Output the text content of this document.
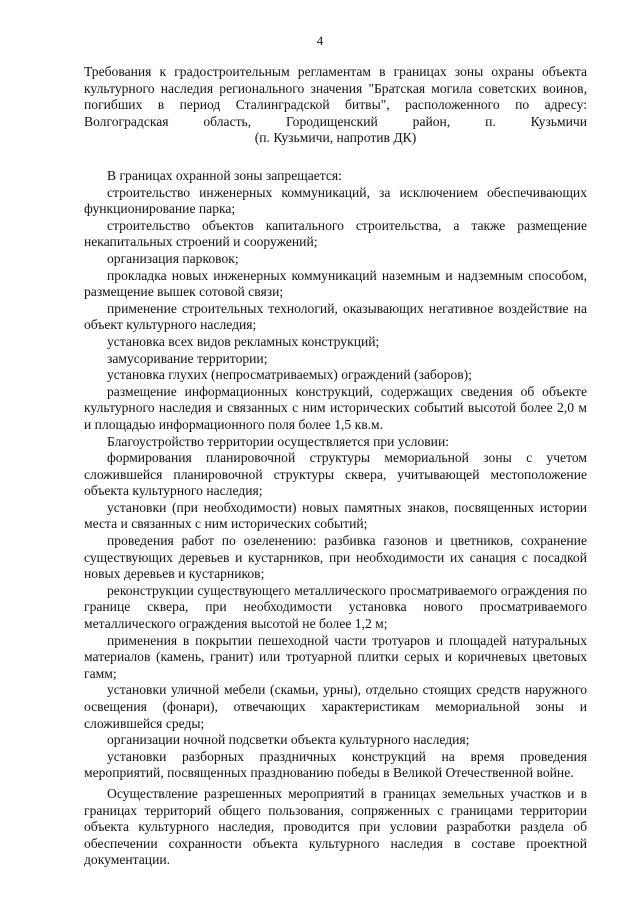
4
Требования к градостроительным регламентам в границах зоны охраны объекта
культурного наследия регионального значения "Братская могила советских воинов,
погибших в период Сталинградской битвы", расположенного по адресу:
Волгоградская область, Городищенский район, п. Кузьмичи
(п. Кузьмичи, напротив ДК)

В границах охранной зоны запрещается:

строительство инженерных коммуникаций, за исключением обеспечивающих функционирование парка;

строительство объектов капитального строительства, а также размещение некапитальных строений и сооружений;

организация парковок;

прокладка новых инженерных коммуникаций наземным и надземным способом, размещение вышек сотовой связи;

применение строительных технологий, оказывающих негативное воздействие на объект культурного наследия;

установка всех видов рекламных конструкций;

замусоривание территории;

установка глухих (непросматриваемых) ограждений (заборов);

размещение информационных конструкций, содержащих сведения об объекте культурного наследия и связанных с ним исторических событий высотой более 2,0 м и площадью информационного поля более 1,5 кв.м.

Благоустройство территории осуществляется при условии:

формирования планировочной структуры мемориальной зоны с учетом сложившейся планировочной структуры сквера, учитывающей местоположение объекта культурного наследия;

установки (при необходимости) новых памятных знаков, посвященных истории места и связанных с ним исторических событий;

проведения работ по озеленению: разбивка газонов и цветников, сохранение существующих деревьев и кустарников, при необходимости их санация с посадкой новых деревьев и кустарников;

реконструкции существующего металлического просматриваемого ограждения по границе сквера, при необходимости установка нового просматриваемого металлического ограждения высотой не более 1,2 м;

применения в покрытии пешеходной части тротуаров и площадей натуральных материалов (камень, гранит) или тротуарной плитки серых и коричневых цветовых гамм;

установки уличной мебели (скамьи, урны), отдельно стоящих средств наружного освещения (фонари), отвечающих характеристикам мемориальной зоны и сложившейся среды;

организации ночной подсветки объекта культурного наследия;

установки разборных праздничных конструкций на время проведения мероприятий, посвященных празднованию победы в Великой Отечественной войне.

Осуществление разрешенных мероприятий в границах земельных участков и в границах территорий общего пользования, сопряженных с границами территории объекта культурного наследия, проводится при условии разработки раздела об обеспечении сохранности объекта культурного наследия в составе проектной документации.
